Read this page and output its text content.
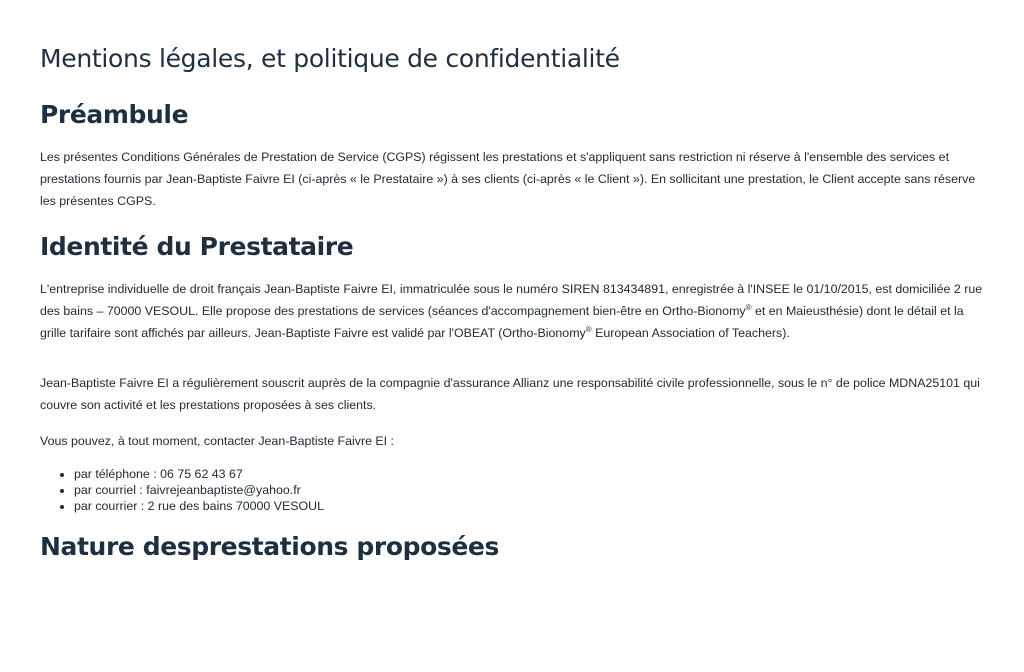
Mentions légales, et politique de confidentialité
Préambule

Les présentes Conditions Générales de Prestation de Service (CGPS) régissent les prestations et s'appliquent sans restriction ni réserve à l'ensemble des services et prestations fournis par Jean-Baptiste Faivre EI (ci-après « le Prestataire ») à ses clients (ci-après « le Client »). En sollicitant une prestation, le Client accepte sans réserve les présentes CGPS.

Identité du Prestataire

L'entreprise individuelle de droit français Jean-Baptiste Faivre EI, immatriculée sous le numéro SIREN 813434891, enregistrée à l'INSEE le 01/10/2015, est domiciliée 2 rue des bains – 70000 VESOUL. Elle propose des prestations de services (séances d'accompagnement bien-être en Ortho-Bionomy® et en Maieusthésie) dont le détail et la grille tarifaire sont affichés par ailleurs. Jean-Baptiste Faivre est validé par l'OBEAT (Ortho-Bionomy® European Association of Teachers).

Jean-Baptiste Faivre EI a régulièrement souscrit auprès de la compagnie d'assurance Allianz une responsabilité civile professionnelle, sous le n° de police MDNA25101 qui couvre son activité et les prestations proposées à ses clients.

Vous pouvez, à tout moment, contacter Jean-Baptiste Faivre EI :

• par téléphone : 06 75 62 43 67
• par courriel : faivrejeanbaptiste@yahoo.fr
• par courrier : 2 rue des bains 70000 VESOUL
Nature desprestations proposées
